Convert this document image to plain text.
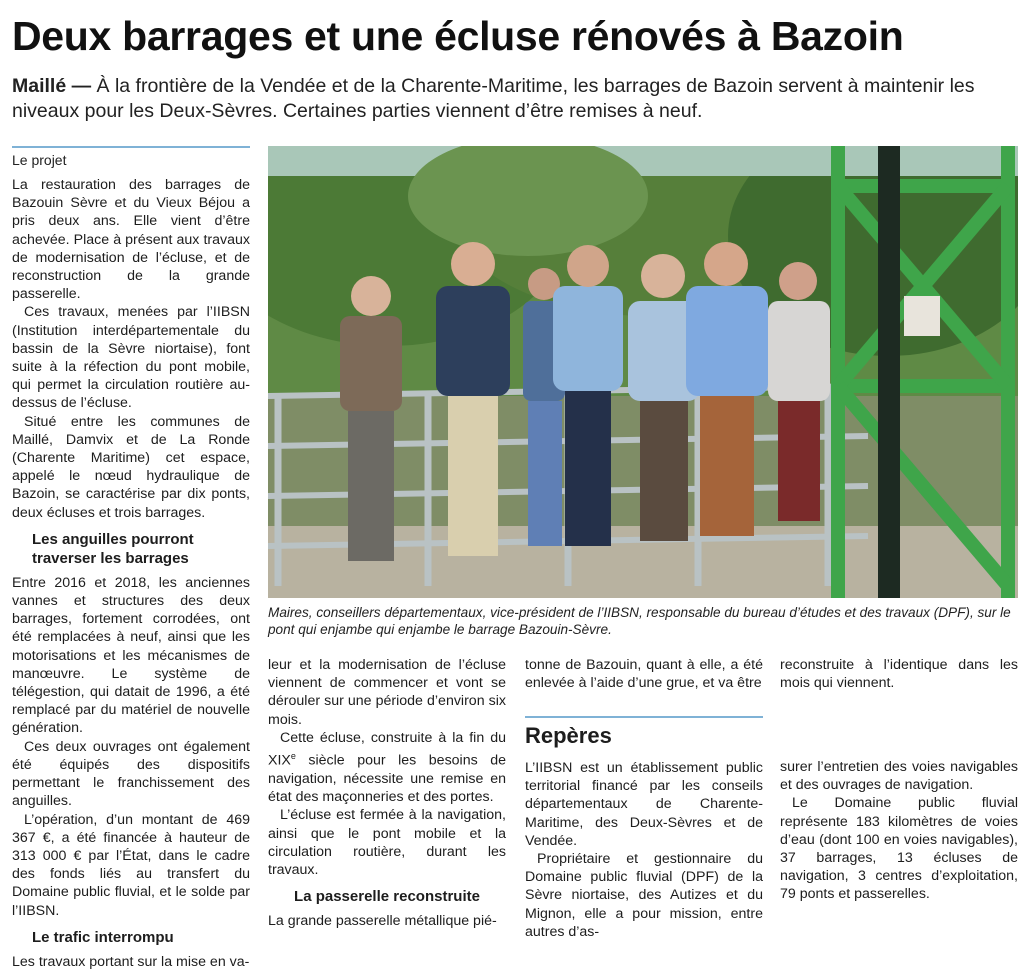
Deux barrages et une écluse rénovés à Bazoin
Maillé — À la frontière de la Vendée et de la Charente-Maritime, les barrages de Bazoin servent à maintenir les niveaux pour les Deux-Sèvres. Certaines parties viennent d’être remises à neuf.
Le projet

La restauration des barrages de Bazouin Sèvre et du Vieux Béjou a pris deux ans. Elle vient d’être achevée. Place à présent aux travaux de modernisation de l’écluse, et de reconstruction de la grande passerelle.

Ces travaux, menées par l’IIBSN (Institution interdépartementale du bassin de la Sèvre niortaise), font suite à la réfection du pont mobile, qui permet la circulation routière au-dessus de l’écluse.

Situé entre les communes de Maillé, Damvix et de La Ronde (Charente Maritime) cet espace, appelé le nœud hydraulique de Bazoin, se caractérise par dix ponts, deux écluses et trois barrages.

Les anguilles pourront traverser les barrages

Entre 2016 et 2018, les anciennes vannes et structures des deux barrages, fortement corrodées, ont été remplacées à neuf, ainsi que les motorisations et les mécanismes de manœuvre. Le système de télégestion, qui datait de 1996, a été remplacé par du matériel de nouvelle génération.

Ces deux ouvrages ont également été équipés des dispositifs permettant le franchissement des anguilles.

L’opération, d’un montant de 469 367 €, a été financée à hauteur de 313 000 € par l’État, dans le cadre des fonds liés au transfert du Domaine public fluvial, et le solde par l’IIBSN.

Le trafic interrompu

Les travaux portant sur la mise en va-

Maires, conseillers départementaux, vice-président de l’IIBSN, responsable du bureau d’études et des travaux (DPF), sur le pont qui enjambe qui enjambe le barrage Bazouin-Sèvre.

leur et la modernisation de l’écluse viennent de commencer et vont se dérouler sur une période d’environ six mois.

Cette écluse, construite à la fin du XIXe siècle pour les besoins de navigation, nécessite une remise en état des maçonneries et des portes.

L’écluse est fermée à la navigation, ainsi que le pont mobile et la circulation routière, durant les travaux.

La passerelle reconstruite

La grande passerelle métallique pié-

tonne de Bazouin, quant à elle, a été enlevée à l’aide d’une grue, et va être

reconstruite à l’identique dans les mois qui viennent.

Repères

L’IIBSN est un établissement public territorial financé par les conseils départementaux de Charente-Maritime, des Deux-Sèvres et de Vendée.

Propriétaire et gestionnaire du Domaine public fluvial (DPF) de la Sèvre niortaise, des Autizes et du Mignon, elle a pour mission, entre autres d’as-

surer l’entretien des voies navigables et des ouvrages de navigation.

Le Domaine public fluvial représente 183 kilomètres de voies d’eau (dont 100 en voies navigables), 37 barrages, 13 écluses de navigation, 3 centres d’exploitation, 79 ponts et passerelles.
